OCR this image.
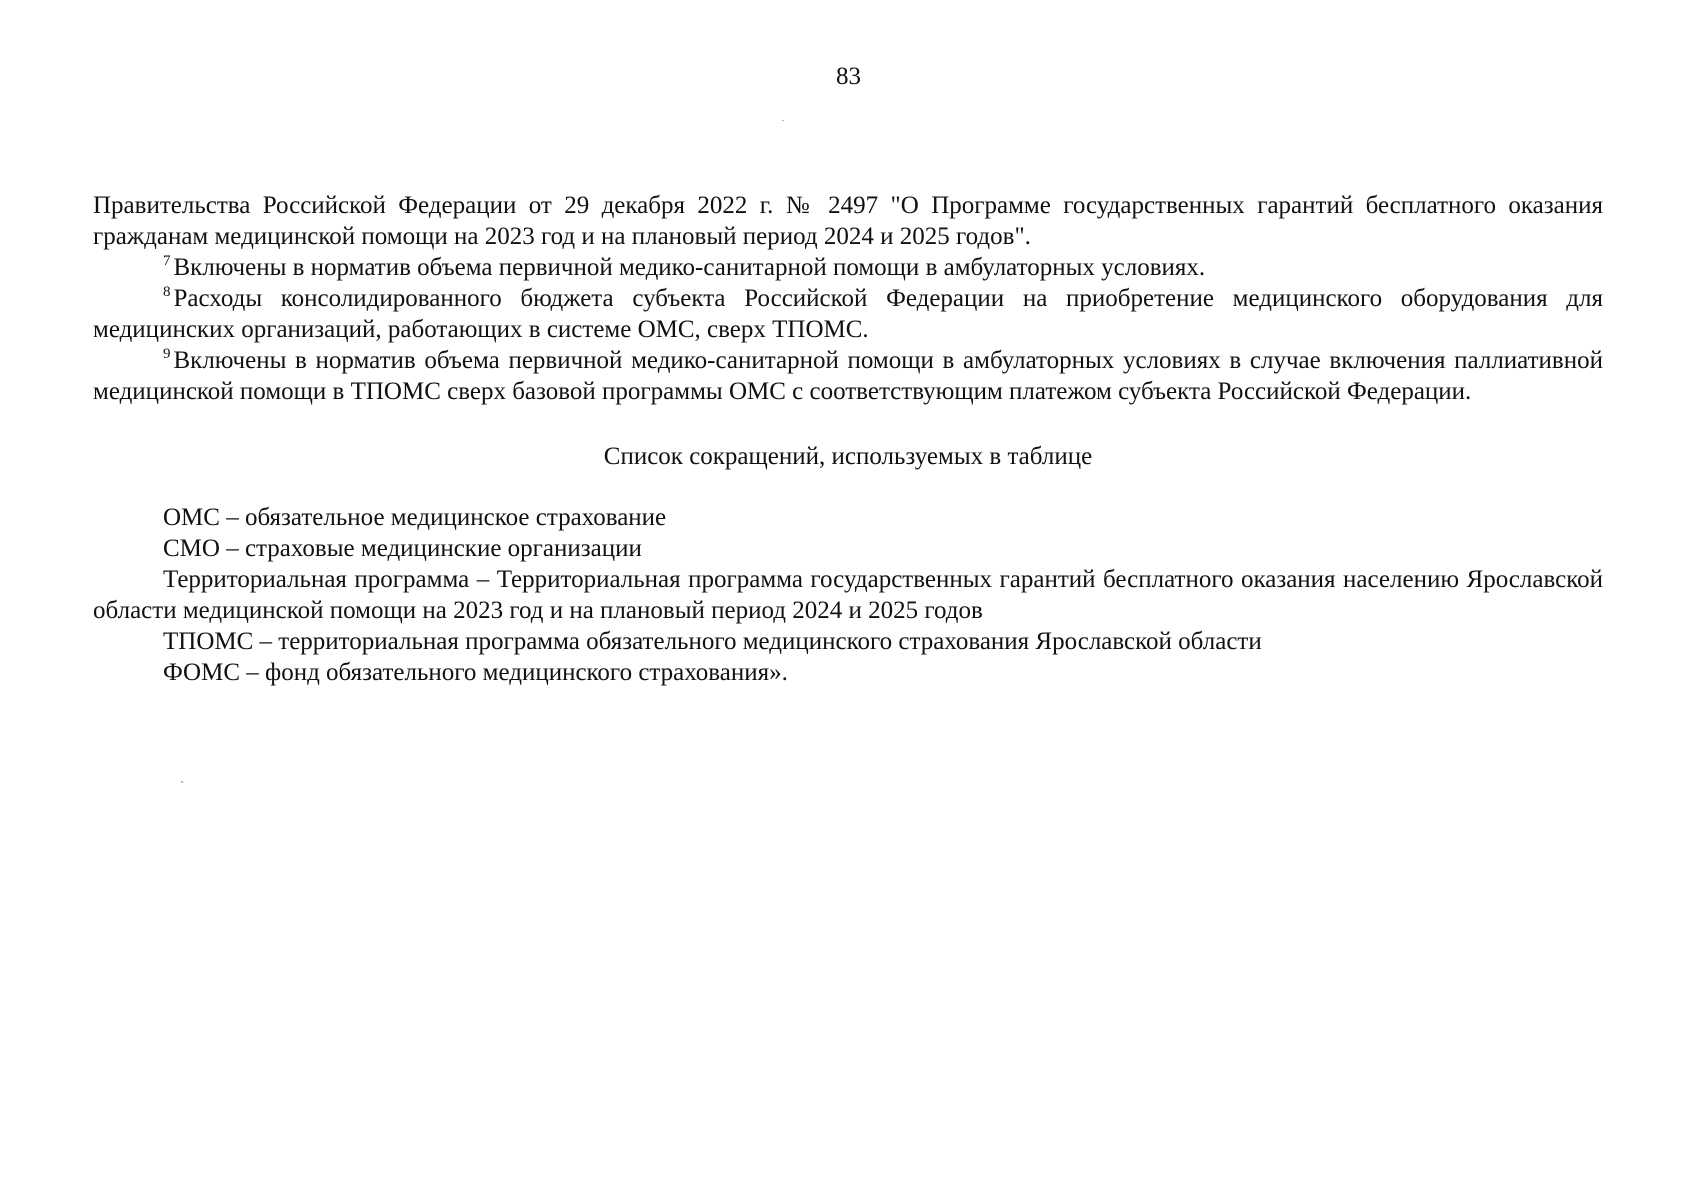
83

Правительства Российской Федерации от 29 декабря 2022 г. № 2497 "О Программе государственных гарантий бесплатного оказания гражданам медицинской помощи на 2023 год и на плановый период 2024 и 2025 годов".

$^7$ Включены в норматив объема первичной медико-санитарной помощи в амбулаторных условиях.

$^8$ Расходы консолидированного бюджета субъекта Российской Федерации на приобретение медицинского оборудования для медицинских организаций, работающих в системе ОМС, сверх ТПОМС.

$^9$ Включены в норматив объема первичной медико-санитарной помощи в амбулаторных условиях в случае включения паллиативной медицинской помощи в ТПОМС сверх базовой программы ОМС с соответствующим платежом субъекта Российской Федерации.

Список сокращений, используемых в таблице

ОМС – обязательное медицинское страхование

СМО – страховые медицинские организации

Территориальная программа – Территориальная программа государственных гарантий бесплатного оказания населению Ярославской области медицинской помощи на 2023 год и на плановый период 2024 и 2025 годов

ТПОМС – территориальная программа обязательного медицинского страхования Ярославской области

ФОМС – фонд обязательного медицинского страхования».
